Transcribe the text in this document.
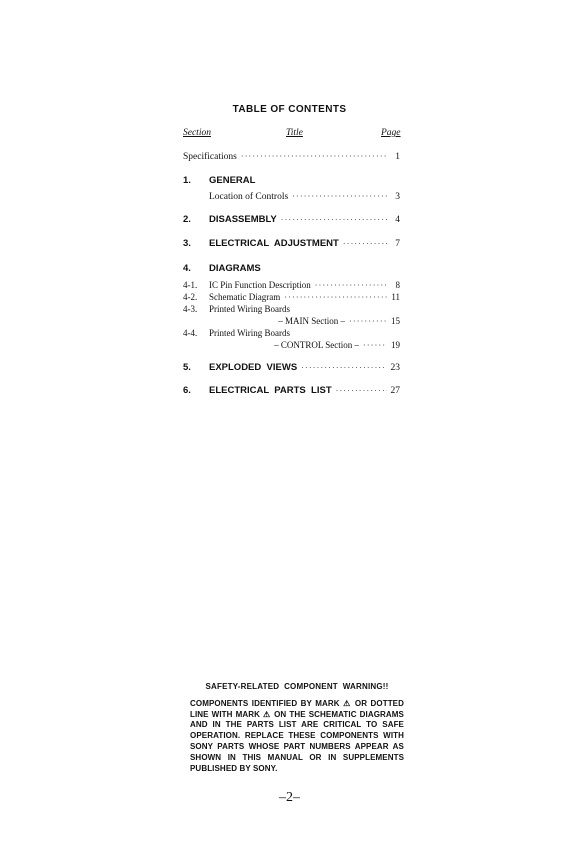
TABLE OF CONTENTS
Section	Title	Page
Specifications ·····	1
1.	GENERAL
Location of Controls ·····	3
2.	DISASSEMBLY ·····	4
3.	ELECTRICAL  ADJUSTMENT ·····	7
4.	DIAGRAMS
4-1.	IC Pin Function Description ·····	8
4-2.	Schematic Diagram ·····	11
4-3.	Printed Wiring Boards
– MAIN Section – ·····	15
4-4.	Printed Wiring Boards
– CONTROL Section – ·····	19
5.	EXPLODED  VIEWS ·····	23
6.	ELECTRICAL  PARTS  LIST ·····	27
SAFETY-RELATED  COMPONENT  WARNING!!
COMPONENTS IDENTIFIED BY MARK ⚠ OR DOTTED LINE WITH MARK ⚠ ON THE SCHEMATIC DIAGRAMS AND IN THE PARTS LIST ARE CRITICAL TO SAFE OPERATION. REPLACE THESE COMPONENTS WITH SONY PARTS WHOSE PART NUMBERS APPEAR AS SHOWN IN THIS MANUAL OR IN SUPPLEMENTS PUBLISHED BY SONY.
–2–
